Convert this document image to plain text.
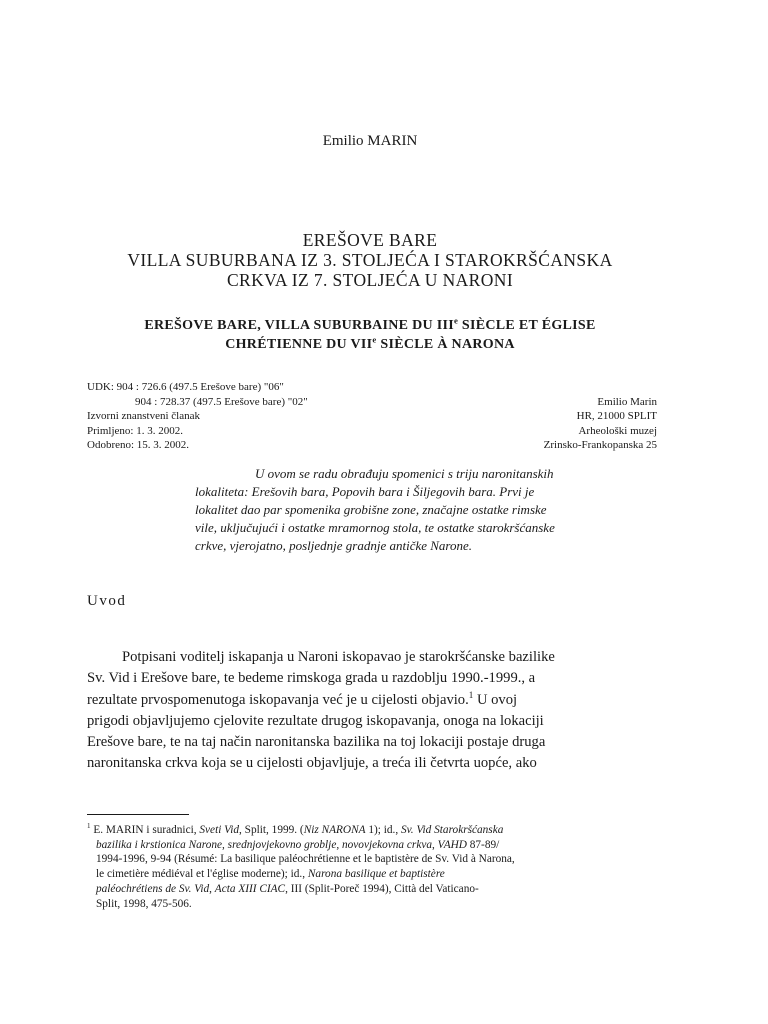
Emilio MARIN
EREŠOVE BARE
VILLA SUBURBANA IZ 3. STOLJEĆA I STAROKRŠĆANSKA
CRKVA IZ 7. STOLJEĆA U NARONI
EREŠOVE BARE, VILLA SUBURBAINE DU IIIe SIÈCLE ET ÉGLISE
CHRÉTIENNE DU VIIe SIÈCLE À NARONA
UDK: 904 : 726.6 (497.5 Erešove bare) "06"
904 : 728.37 (497.5 Erešove bare) "02"	Emilio Marin
Izvorni znanstveni članak	HR, 21000 SPLIT
Primljeno: 1. 3. 2002.	Arheološki muzej
Odobreno: 15. 3. 2002.	Zrinsko-Frankopanska 25
U ovom se radu obrađuju spomenici s triju naronitanskih
lokaliteta: Erešovih bara, Popovih bara i Šiljegovih bara. Prvi je
lokalitet dao par spomenika grobišne zone, značajne ostatke rimske
vile, uključujući i ostatke mramornog stola, te ostatke starokršćanske
crkve, vjerojatno, posljednje gradnje antičke Narone.
Uvod
Potpisani voditelj iskapanja u Naroni iskopavao je starokršćanske bazilike
Sv. Vid i Erešove bare, te bedeme rimskoga grada u razdoblju 1990.-1999., a
rezultate prvospomenutoga iskopavanja već je u cijelosti objavio.$^1$ U ovoj
prigodi objavljujemo cjelovite rezultate drugog iskopavanja, onoga na lokaciji
Erešove bare, te na taj način naronitanska bazilika na toj lokaciji postaje druga
naronitanska crkva koja se u cijelosti objavljuje, a treća ili četvrta uopće, ako
$^1$ E. MARIN i suradnici, Sveti Vid, Split, 1999. (Niz NARONA 1); id., Sv. Vid Starokršćanska
bazilika i krstionica Narone, srednjovjekovno groblje, novovjekovna crkva, VAHD 87-89/
1994-1996, 9-94 (Résumé: La basilique paléochrétienne et le baptistère de Sv. Vid à Narona,
le cimetière médiéval et l'église moderne); id., Narona basilique et baptistère
paléochrétiens de Sv. Vid, Acta XIII CIAC, III (Split-Poreč 1994), Città del Vaticano-
Split, 1998, 475-506.
